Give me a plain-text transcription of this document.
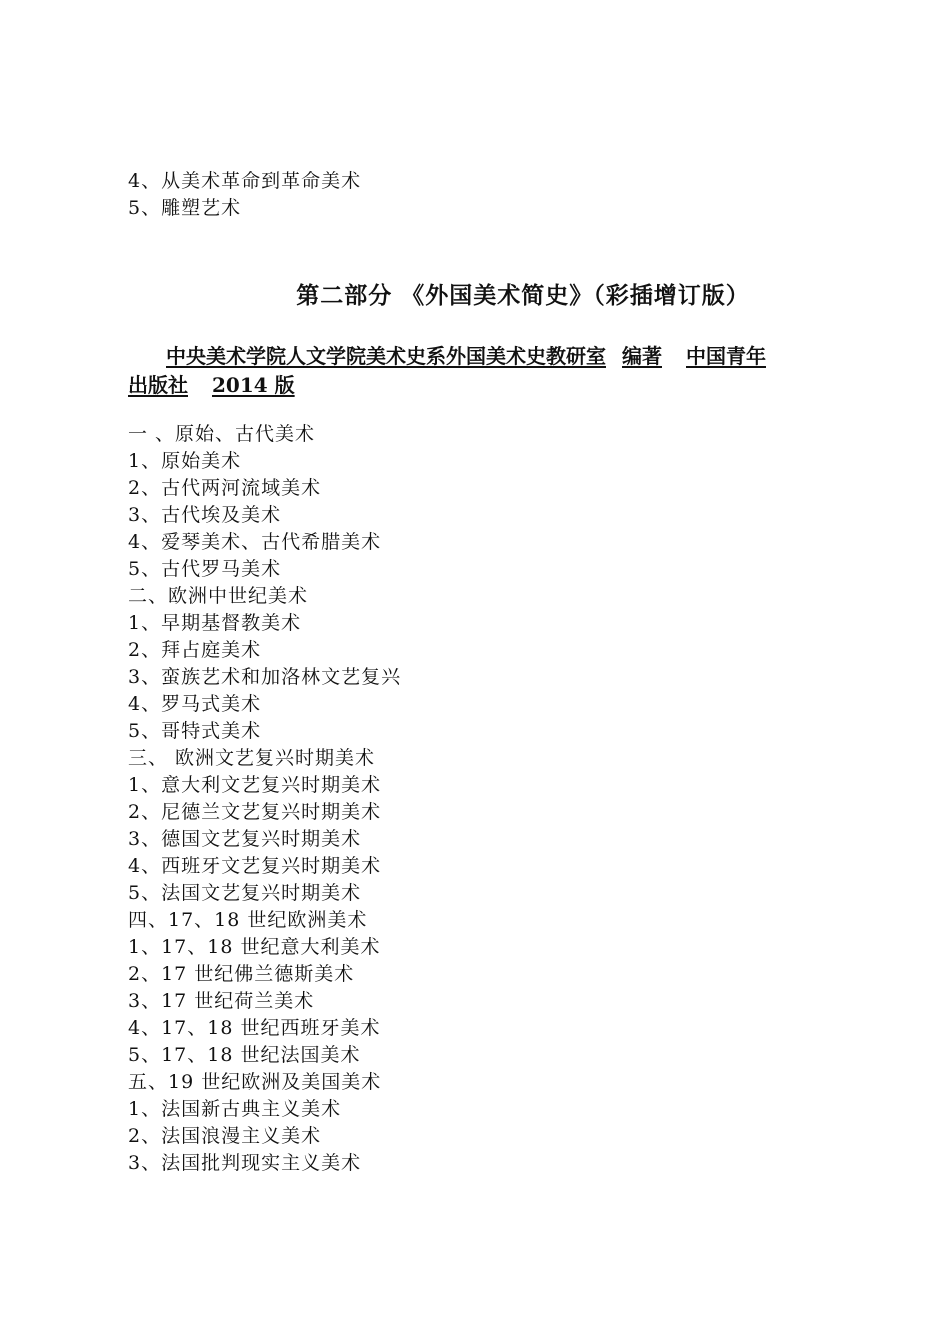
4、从美术革命到革命美术
5、雕塑艺术
第二部分 《外国美术简史》（彩插增订版）
中央美术学院人文学院美术史系外国美术史教研室 编著 中国青年
出版社 2014 版
一 、原始、古代美术
1、原始美术
2、古代两河流域美术
3、古代埃及美术
4、爱琴美术、古代希腊美术
5、古代罗马美术
二、欧洲中世纪美术
1、早期基督教美术
2、拜占庭美术
3、蛮族艺术和加洛林文艺复兴
4、罗马式美术
5、哥特式美术
三、 欧洲文艺复兴时期美术
1、意大利文艺复兴时期美术
2、尼德兰文艺复兴时期美术
3、德国文艺复兴时期美术
4、西班牙文艺复兴时期美术
5、法国文艺复兴时期美术
四、17、18 世纪欧洲美术
1、17、18 世纪意大利美术
2、17 世纪佛兰德斯美术
3、17 世纪荷兰美术
4、17、18 世纪西班牙美术
5、17、18 世纪法国美术
五、19 世纪欧洲及美国美术
1、法国新古典主义美术
2、法国浪漫主义美术
3、法国批判现实主义美术
